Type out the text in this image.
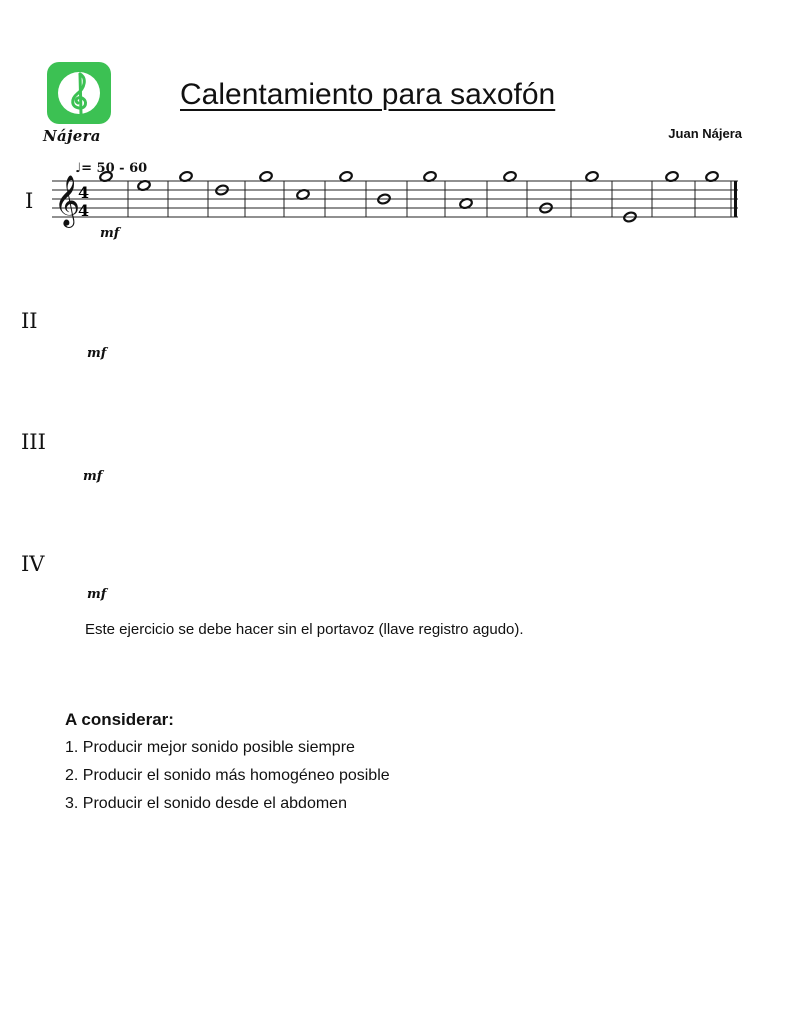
Nájera
Calentamiento para saxofón
Juan Nájera
♩= 50 - 60
I
II
III
IV
mf
mf
mf
mf
𝄞
4
4
Este ejercicio se debe hacer sin el portavoz (llave registro agudo).
A considerar:
1. Producir mejor sonido posible siempre
2. Producir el sonido más homogéneo posible
3. Producir el sonido desde el abdomen
